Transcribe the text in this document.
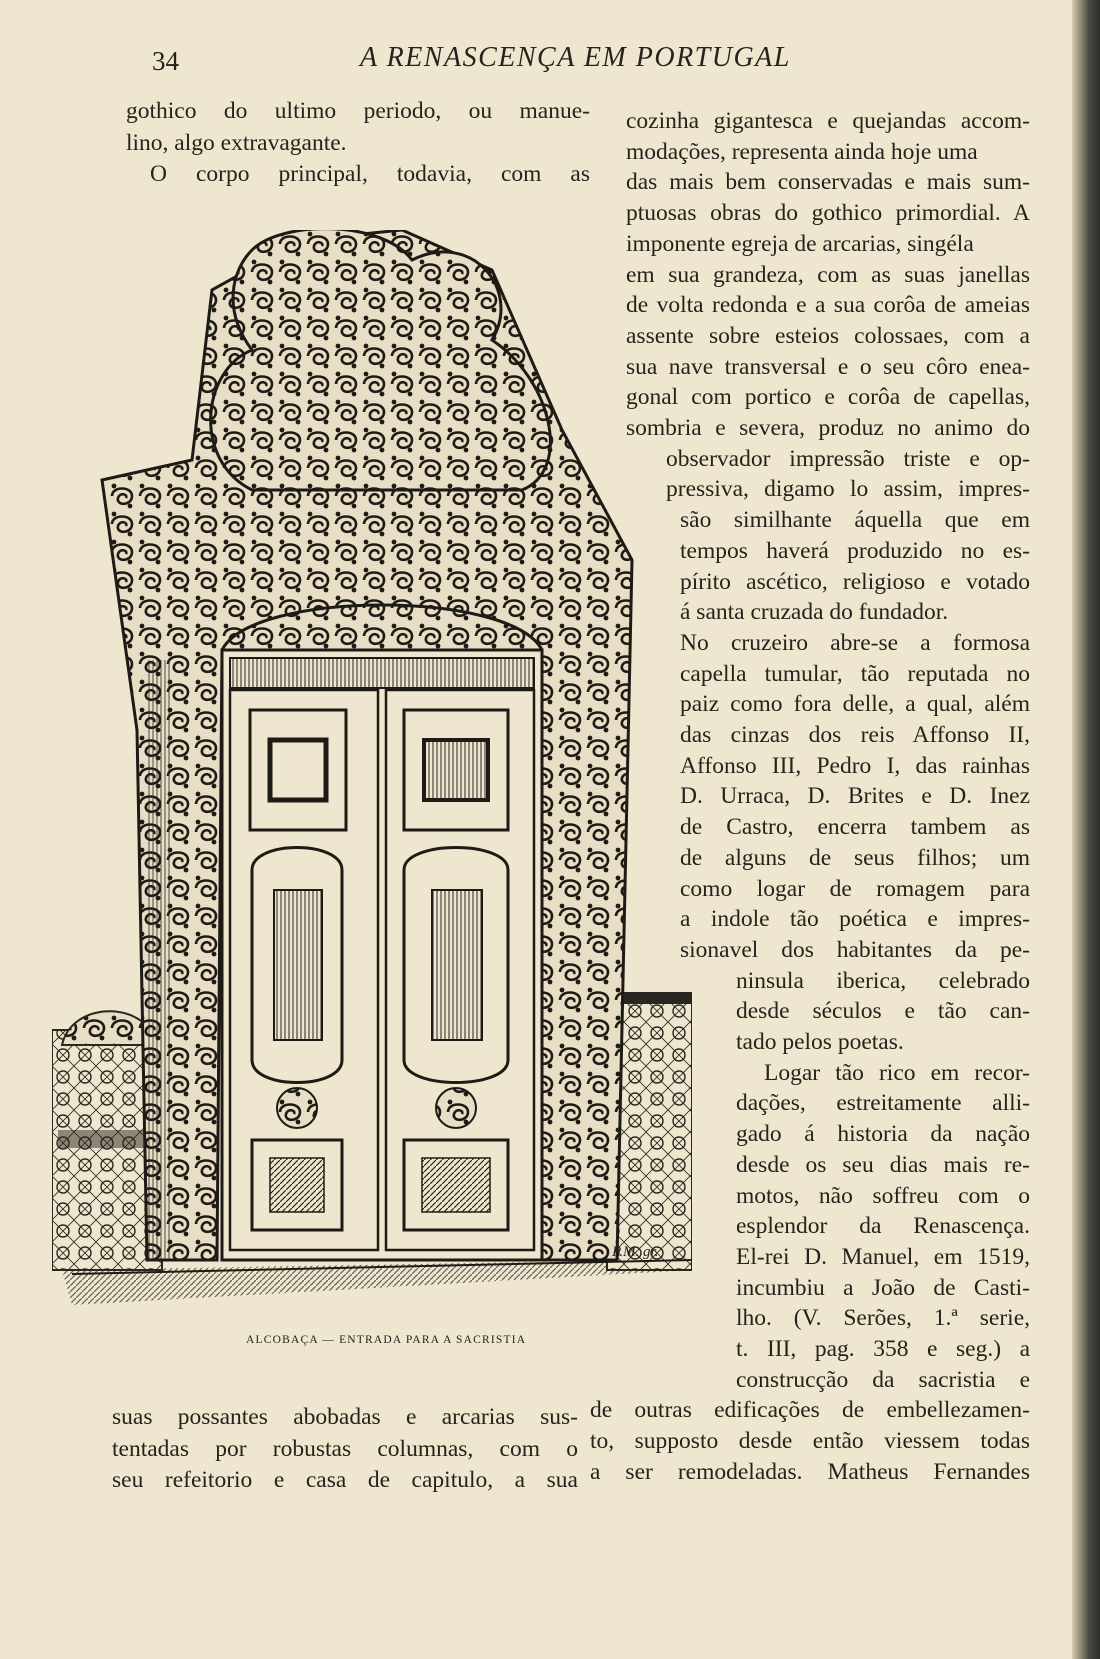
34	A RENASCENÇA EM PORTUGAL
gothico do ultimo periodo, ou manue-
lino, algo extravagante.
O corpo principal, todavia, com as
P.M. gr.
ALCOBAÇA — ENTRADA PARA A SACRISTIA
suas possantes abobadas e arcarias sus-
tentadas por robustas columnas, com o
seu refeitorio e casa de capitulo, a sua
cozinha gigantesca e quejandas accom-
modações, representa ainda hoje uma
das mais bem conservadas e mais sum-
ptuosas obras do gothico primordial. A
imponente egreja de arcarias, singéla
em sua grandeza, com as suas janellas
de volta redonda e a sua corôa de ameias
assente sobre esteios colossaes, com a
sua nave transversal e o seu côro enea-
gonal com portico e corôa de capellas,
sombria e severa, produz no animo do
observador impressão triste e op-
pressiva, digamo lo assim, impres-
são similhante áquella que em
tempos haverá produzido no es-
pírito ascético, religioso e votado
á santa cruzada do fundador.
No cruzeiro abre-se a formosa
capella tumular, tão reputada no
paiz como fora delle, a qual, além
das cinzas dos reis Affonso II,
Affonso III, Pedro I, das rainhas
D. Urraca, D. Brites e D. Inez
de Castro, encerra tambem as
de alguns de seus filhos; um
como logar de romagem para
a indole tão poética e impres-
sionavel dos habitantes da pe-
ninsula iberica, celebrado
desde séculos e tão can-
tado pelos poetas.
Logar tão rico em recor-
dações, estreitamente alli-
gado á historia da nação
desde os seu dias mais re-
motos, não soffreu com o
esplendor da Renascença.
El-rei D. Manuel, em 1519,
incumbiu a João de Casti-
lho. (V. Serões, 1.ª serie,
t. III, pag. 358 e seg.) a
construcção da sacristia e
de outras edificações de embellezamen-
to, supposto desde então viessem todas
a ser remodeladas. Matheus Fernandes
